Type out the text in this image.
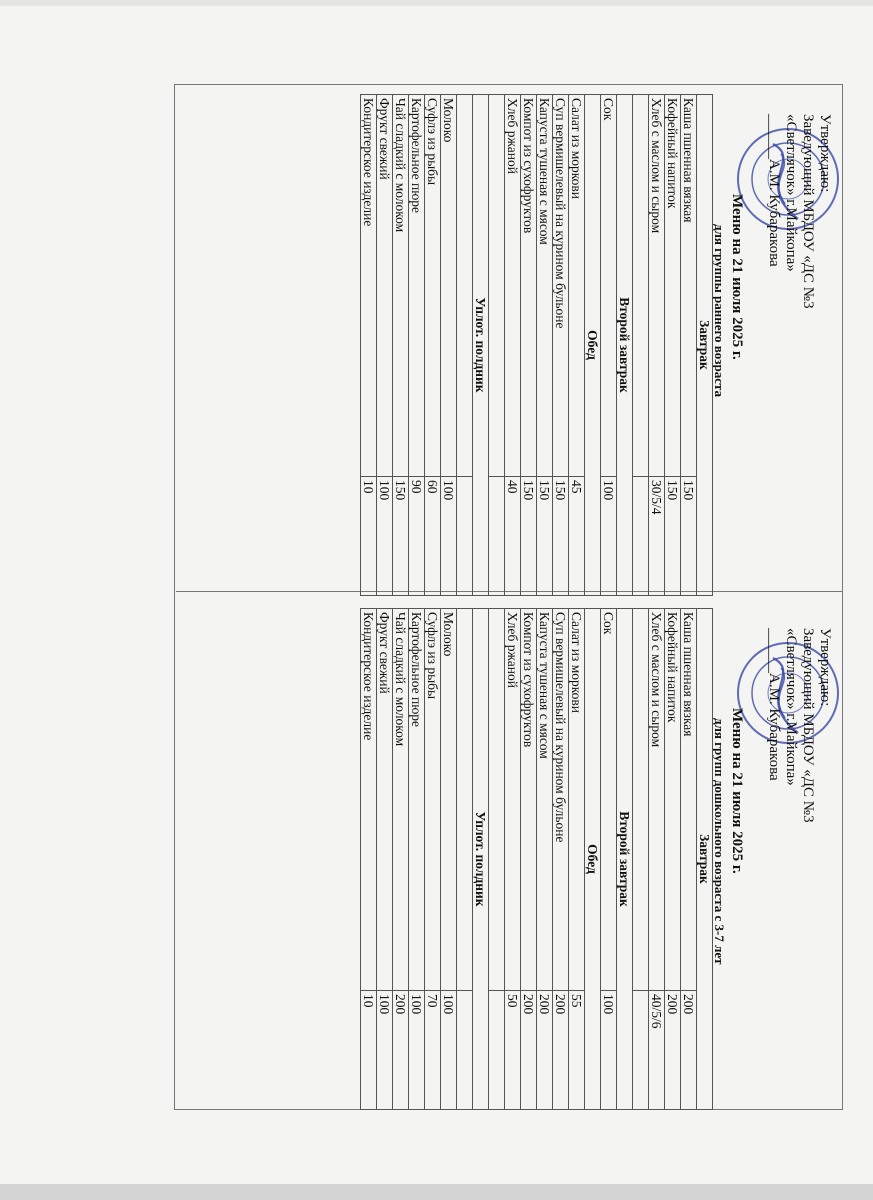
Утверждаю:
Заведующий МБДОУ «ДС №3
«Светлячок» г.Майкопа»
______А.М. Кубаракова
Меню на 21 июля 2025 г.
для группы раннего возраста
Завтрак	
Каша пшенная вязкая	150
Кофейный напиток	150
Хлеб с маслом и сыром	30/5/4

Второй завтрак	
Сок	100
Обед	
Салат из моркови	45
Суп вермишелевый на курином бульоне	150
Капуста тушеная с мясом	150
Компот из сухофруктов	150
Хлеб ржаной	40

Уплот. полдник	

Молоко	100
Суфлэ из рыбы	60
Картофельное пюре	90
Чай сладкий с молоком	150
Фрукт свежий	100
Кондитерское изделие	10
Утверждаю:
Заведующий МБДОУ «ДС №3
«Светлячок» г.Майкопа»
______А.М. Кубаракова
Меню на 21 июля 2025 г.
для групп дошкольного возраста с 3-7 лет
Завтрак	
Каша пшенная вязкая	200
Кофейный напиток	200
Хлеб с маслом и сыром	40/5/6

Второй завтрак	
Сок	100
Обед	
Салат из моркови	55
Суп вермишелевый на курином бульоне	200
Капуста тушеная с мясом	200
Компот из сухофруктов	200
Хлеб ржаной	50

Уплот. полдник	

Молоко	100
Суфлэ из рыбы	70
Картофельное пюре	100
Чай сладкий с молоком	200
Фрукт свежий	100
Кондитерское изделие	10
